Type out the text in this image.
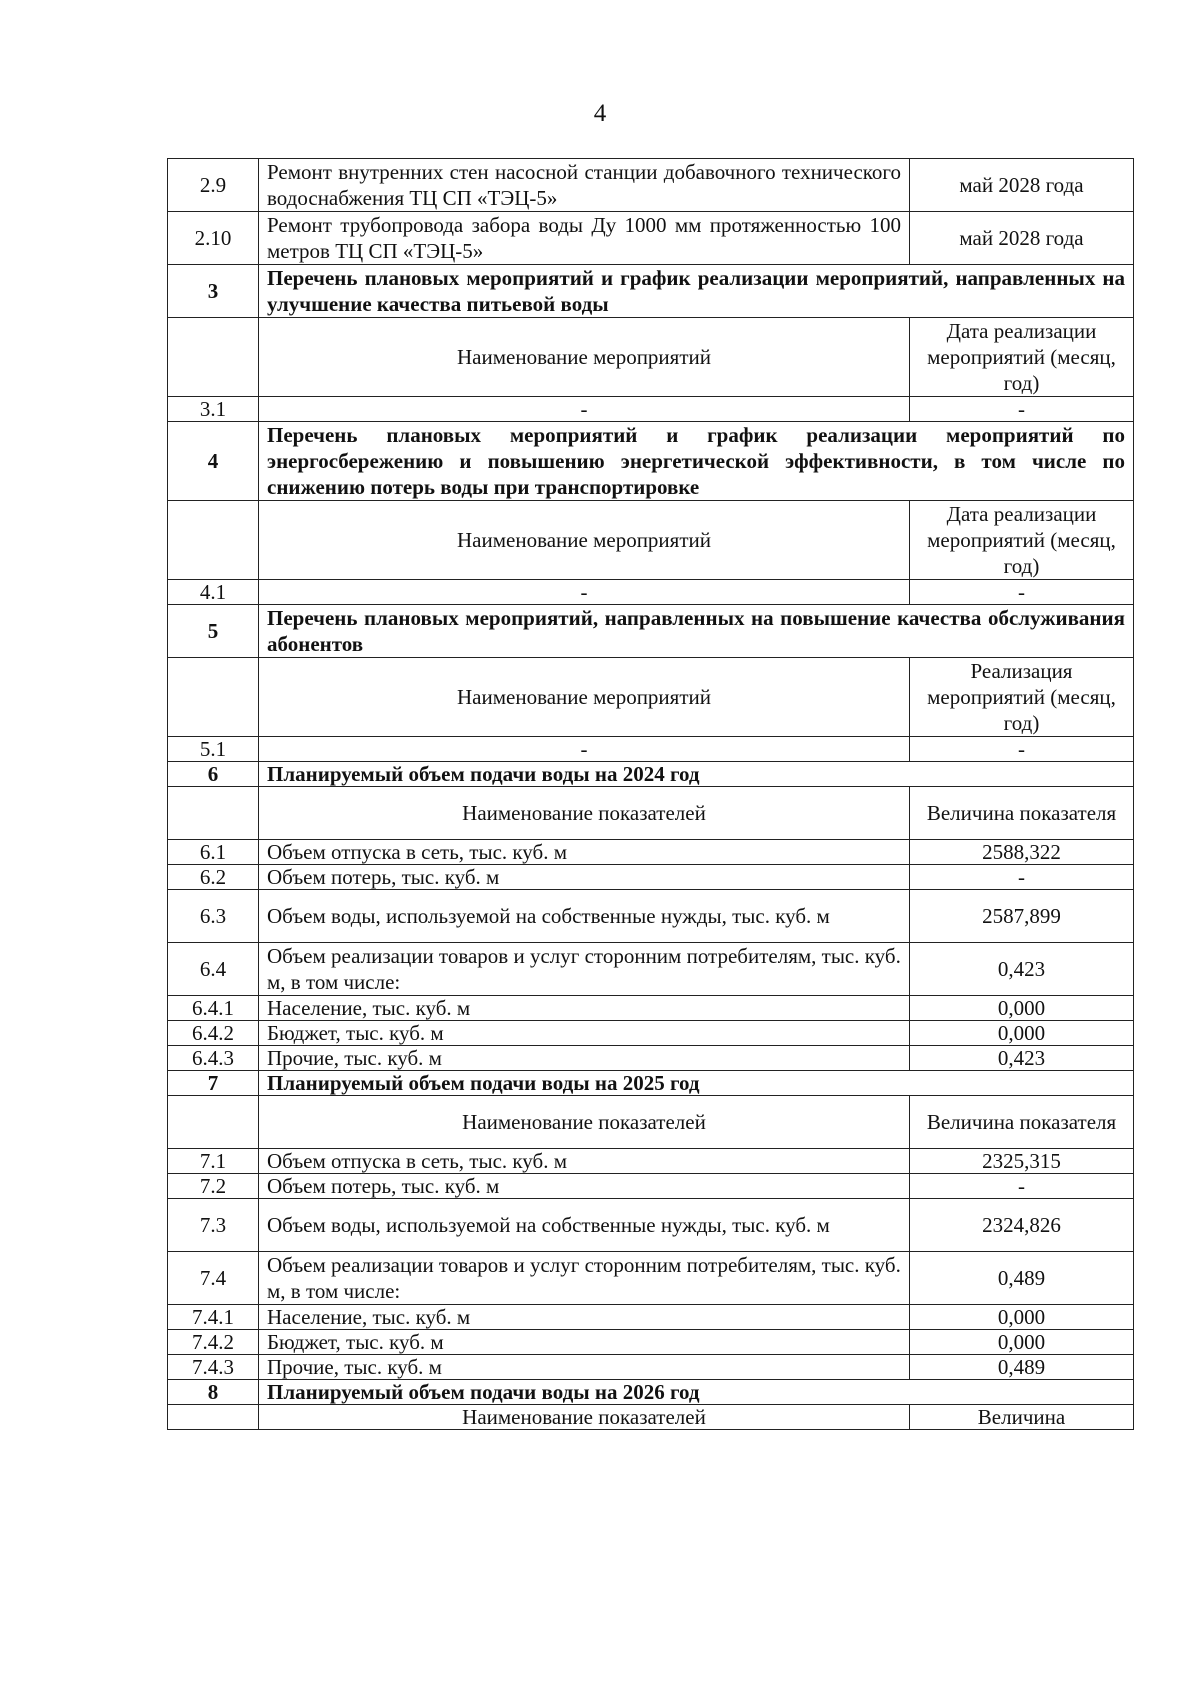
4
2.9	Ремонт внутренних стен насосной станции добавочного технического водоснабжения ТЦ СП «ТЭЦ-5»	май 2028 года
2.10	Ремонт трубопровода забора воды Ду 1000 мм протяженностью 100 метров ТЦ СП «ТЭЦ-5»	май 2028 года
3	Перечень плановых мероприятий и график реализации мероприятий, направленных на улучшение качества питьевой воды	
	Наименование мероприятий	Дата реализации мероприятий (месяц, год)
3.1	-	-
4	Перечень плановых мероприятий и график реализации мероприятий по энергосбережению и повышению энергетической эффективности, в том числе по снижению потерь воды при транспортировке	
	Наименование мероприятий	Дата реализации мероприятий (месяц, год)
4.1	-	-
5	Перечень плановых мероприятий, направленных на повышение качества обслуживания абонентов	
	Наименование мероприятий	Реализация мероприятий (месяц, год)
5.1	-	-
6	Планируемый объем подачи воды на 2024 год	
	Наименование показателей	Величина показателя
6.1	Объем отпуска в сеть, тыс. куб. м	2588,322
6.2	Объем потерь, тыс. куб. м	-
6.3	Объем воды, используемой на собственные нужды, тыс. куб. м	2587,899
6.4	Объем реализации товаров и услуг сторонним потребителям, тыс. куб. м, в том числе:	0,423
6.4.1	Население, тыс. куб. м	0,000
6.4.2	Бюджет, тыс. куб. м	0,000
6.4.3	Прочие, тыс. куб. м	0,423
7	Планируемый объем подачи воды на 2025 год	
	Наименование показателей	Величина показателя
7.1	Объем отпуска в сеть, тыс. куб. м	2325,315
7.2	Объем потерь, тыс. куб. м	-
7.3	Объем воды, используемой на собственные нужды, тыс. куб. м	2324,826
7.4	Объем реализации товаров и услуг сторонним потребителям, тыс. куб. м, в том числе:	0,489
7.4.1	Население, тыс. куб. м	0,000
7.4.2	Бюджет, тыс. куб. м	0,000
7.4.3	Прочие, тыс. куб. м	0,489
8	Планируемый объем подачи воды на 2026 год	
	Наименование показателей	Величина
